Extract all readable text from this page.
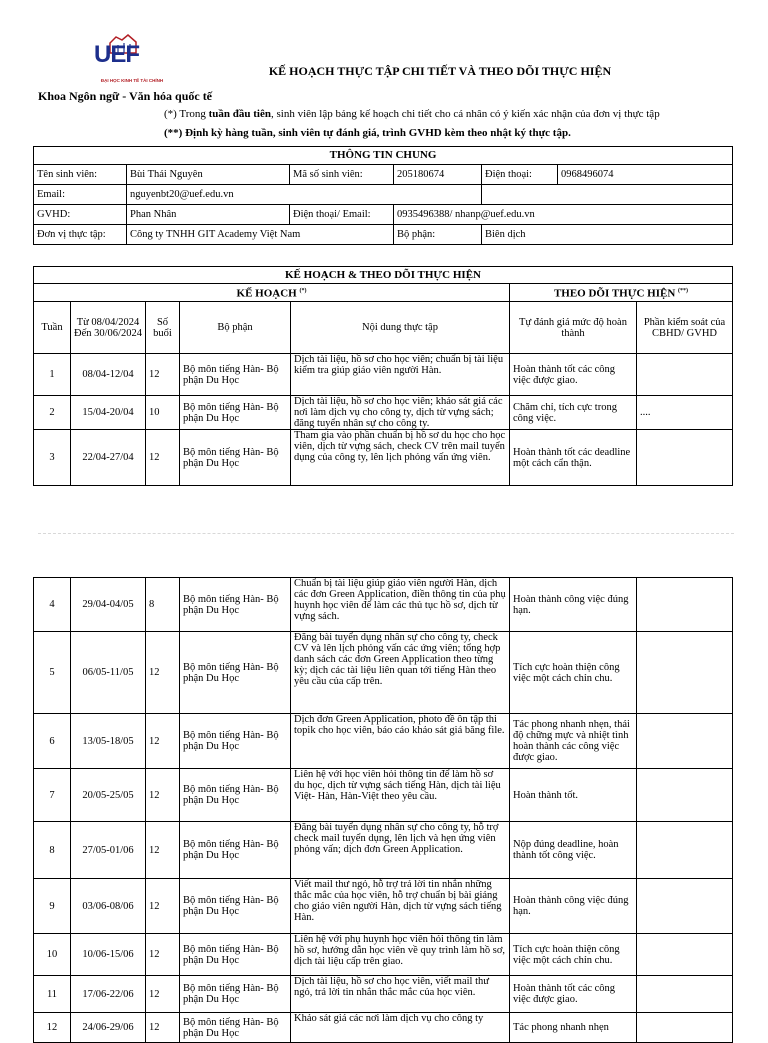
UEF
ĐẠI HỌC KINH TẾ TÀI CHÍNH
KẾ HOẠCH THỰC TẬP CHI TIẾT VÀ THEO DÕI THỰC HIỆN
Khoa Ngôn ngữ - Văn hóa quốc tế
(*) Trong tuần đầu tiên, sinh viên lập bảng kế hoạch chi tiết cho cá nhân có ý kiến xác nhận của đơn vị thực tập
(**) Định kỳ hàng tuần, sinh viên tự đánh giá, trình GVHD kèm theo nhật ký thực tập.
THÔNG TIN CHUNG					
Tên sinh viên:	Bùi Thái Nguyên	Mã số sinh viên:	205180674	Điện thoại:	0968496074
Email:	nguyenbt20@uef.edu.vn				
GVHD:	Phan Nhân	Điện thoại/ Email:	0935496388/ nhanp@uef.edu.vn		
Đơn vị thực tập:	Công ty TNHH GIT Academy Việt Nam		Bộ phận:	Biên dịch	
KẾ HOẠCH & THEO DÕI THỰC HIỆN						
KẾ HOẠCH (*)					THEO DÕI THỰC HIỆN (**)
Tuần	Từ 08/04/2024 Đến 30/06/2024	Số buổi	Bộ phận	Nội dung thực tập	Tự đánh giá mức độ hoàn thành	Phần kiểm soát của CBHD/ GVHD
1	08/04-12/04	12	Bộ môn tiếng Hàn- Bộ phận Du Học	Dịch tài liệu, hồ sơ cho học viên; chuẩn bị tài liệu kiểm tra giúp giáo viên người Hàn.	Hoàn thành tốt các công việc được giao.	
2	15/04-20/04	10	Bộ môn tiếng Hàn- Bộ phận Du Học	Dịch tài liệu, hồ sơ cho học viên; khảo sát giá các nơi làm dịch vụ cho công ty, dịch từ vựng sách; đăng tuyển nhân sự cho công ty.	Chăm chỉ, tích cực trong công việc.	....
3	22/04-27/04	12	Bộ môn tiếng Hàn- Bộ phận Du Học	Tham gia vào phần chuẩn bị hồ sơ du học cho học viên, dịch từ vựng sách, check CV trên mail tuyển dụng của công ty, lên lịch phỏng vấn ứng viên.	Hoàn thành tốt các deadline một cách cẩn thận.	
4	29/04-04/05	8	Bộ môn tiếng Hàn- Bộ phận Du Học	Chuẩn bị tài liệu giúp giáo viên người Hàn, dịch các đơn Green Application, điền thông tin của phụ huynh học viên để làm các thủ tục hồ sơ, dịch từ vựng sách.	Hoàn thành công việc đúng hạn.	
5	06/05-11/05	12	Bộ môn tiếng Hàn- Bộ phận Du Học	Đăng bài tuyển dụng nhân sự cho công ty, check CV và lên lịch phỏng vấn các ứng viên; tổng hợp danh sách các đơn Green Application theo từng kỳ; dịch các tài liệu liên quan tới tiếng Hàn theo yêu cầu của cấp trên.	Tích cực hoàn thiện công việc một cách chỉn chu.	
6	13/05-18/05	12	Bộ môn tiếng Hàn- Bộ phận Du Học	Dịch đơn Green Application, photo đề ôn tập thi topik cho học viên, báo cáo khảo sát giá băng file.	Tác phong nhanh nhẹn, thái độ chững mực và nhiệt tình hoàn thành các công việc được giao.	
7	20/05-25/05	12	Bộ môn tiếng Hàn- Bộ phận Du Học	Liên hệ với học viên hỏi thông tin để làm hồ sơ du học, dịch từ vựng sách tiếng Hàn, dịch tài liệu Việt- Hàn, Hàn-Việt theo yêu cầu.	Hoàn thành tốt.	
8	27/05-01/06	12	Bộ môn tiếng Hàn- Bộ phận Du Học	Đăng bài tuyển dụng nhân sự cho công ty, hỗ trợ check mail tuyển dụng, lên lịch và hẹn ứng viên phỏng vấn; dịch đơn Green Application.	Nộp đúng deadline, hoàn thành tốt công việc.	
9	03/06-08/06	12	Bộ môn tiếng Hàn- Bộ phận Du Học	Viết mail thư ngỏ, hỗ trợ trả lời tin nhắn những thắc mắc của học viên, hỗ trợ chuẩn bị bài giảng cho giáo viên người Hàn, dịch từ vựng sách tiếng Hàn.	Hoàn thành công việc đúng hạn.	
10	10/06-15/06	12	Bộ môn tiếng Hàn- Bộ phận Du Học	Liên hệ với phụ huynh học viên hỏi thông tin làm hồ sơ, hướng dẫn học viên về quy trình làm hồ sơ, dịch tài liệu cấp trên giao.	Tích cực hoàn thiện công việc một cách chỉn chu.	
11	17/06-22/06	12	Bộ môn tiếng Hàn- Bộ phận Du Học	Dịch tài liệu, hồ sơ cho học viên, viết mail thư ngỏ, trả lời tin nhắn thắc mắc của học viên.	Hoàn thành tốt các công việc được giao.	
12	24/06-29/06	12	Bộ môn tiếng Hàn- Bộ phận Du Học	Khảo sát giá các nơi làm dịch vụ cho công ty	Tác phong nhanh nhẹn	
